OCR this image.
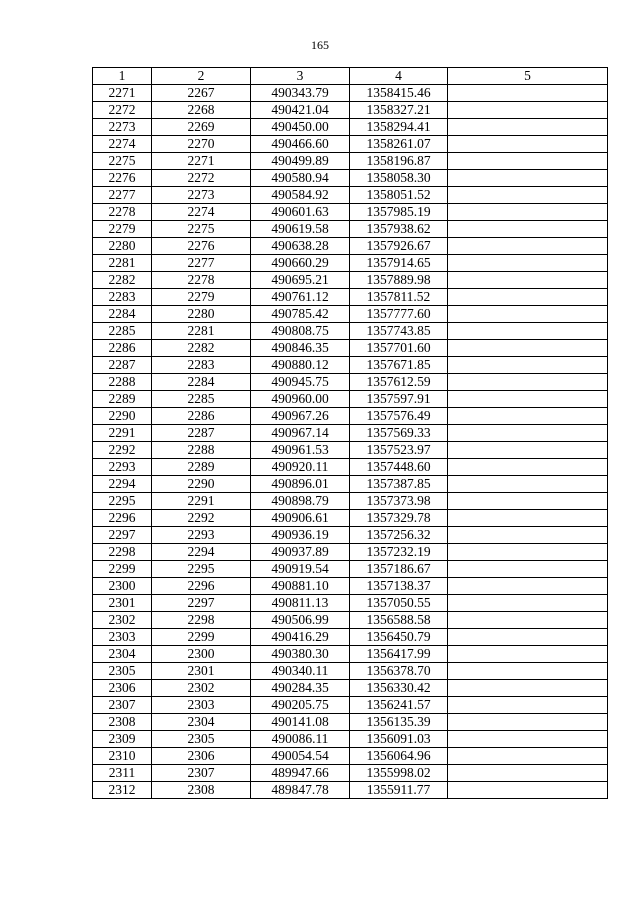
165
1	2	3	4	5
2271	2267	490343.79	1358415.46	
2272	2268	490421.04	1358327.21	
2273	2269	490450.00	1358294.41	
2274	2270	490466.60	1358261.07	
2275	2271	490499.89	1358196.87	
2276	2272	490580.94	1358058.30	
2277	2273	490584.92	1358051.52	
2278	2274	490601.63	1357985.19	
2279	2275	490619.58	1357938.62	
2280	2276	490638.28	1357926.67	
2281	2277	490660.29	1357914.65	
2282	2278	490695.21	1357889.98	
2283	2279	490761.12	1357811.52	
2284	2280	490785.42	1357777.60	
2285	2281	490808.75	1357743.85	
2286	2282	490846.35	1357701.60	
2287	2283	490880.12	1357671.85	
2288	2284	490945.75	1357612.59	
2289	2285	490960.00	1357597.91	
2290	2286	490967.26	1357576.49	
2291	2287	490967.14	1357569.33	
2292	2288	490961.53	1357523.97	
2293	2289	490920.11	1357448.60	
2294	2290	490896.01	1357387.85	
2295	2291	490898.79	1357373.98	
2296	2292	490906.61	1357329.78	
2297	2293	490936.19	1357256.32	
2298	2294	490937.89	1357232.19	
2299	2295	490919.54	1357186.67	
2300	2296	490881.10	1357138.37	
2301	2297	490811.13	1357050.55	
2302	2298	490506.99	1356588.58	
2303	2299	490416.29	1356450.79	
2304	2300	490380.30	1356417.99	
2305	2301	490340.11	1356378.70	
2306	2302	490284.35	1356330.42	
2307	2303	490205.75	1356241.57	
2308	2304	490141.08	1356135.39	
2309	2305	490086.11	1356091.03	
2310	2306	490054.54	1356064.96	
2311	2307	489947.66	1355998.02	
2312	2308	489847.78	1355911.77	
